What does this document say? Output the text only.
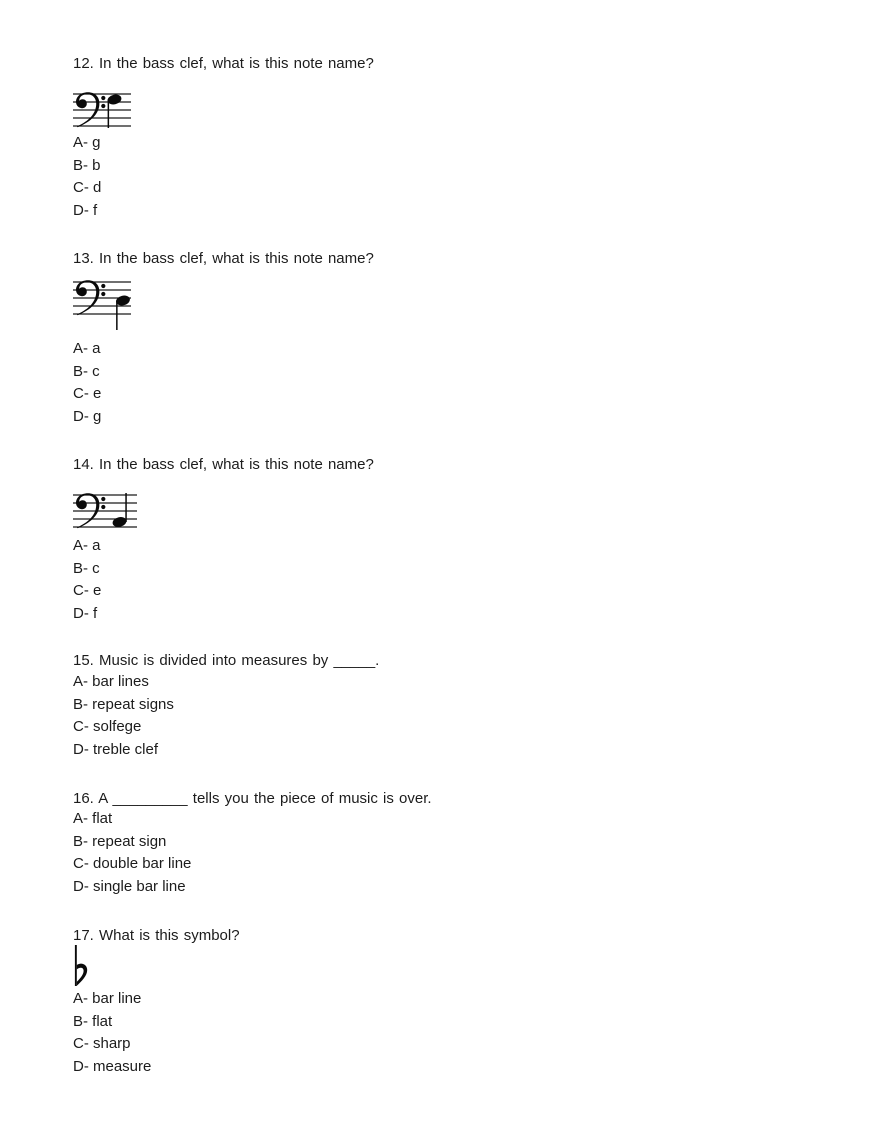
12. In the bass clef, what is this note name?
A- g
B- b
C- d
D- f
13. In the bass clef, what is this note name?
A- a
B- c
C- e
D- g
14. In the bass clef, what is this note name?
A- a
B- c
C- e
D- f
15. Music is divided into measures by _____.
A- bar lines
B- repeat signs
C- solfege
D- treble clef
16. A _________ tells you the piece of music is over.
A- flat
B- repeat sign
C- double bar line
D- single bar line
17. What is this symbol?
A- bar line
B- flat
C- sharp
D- measure
